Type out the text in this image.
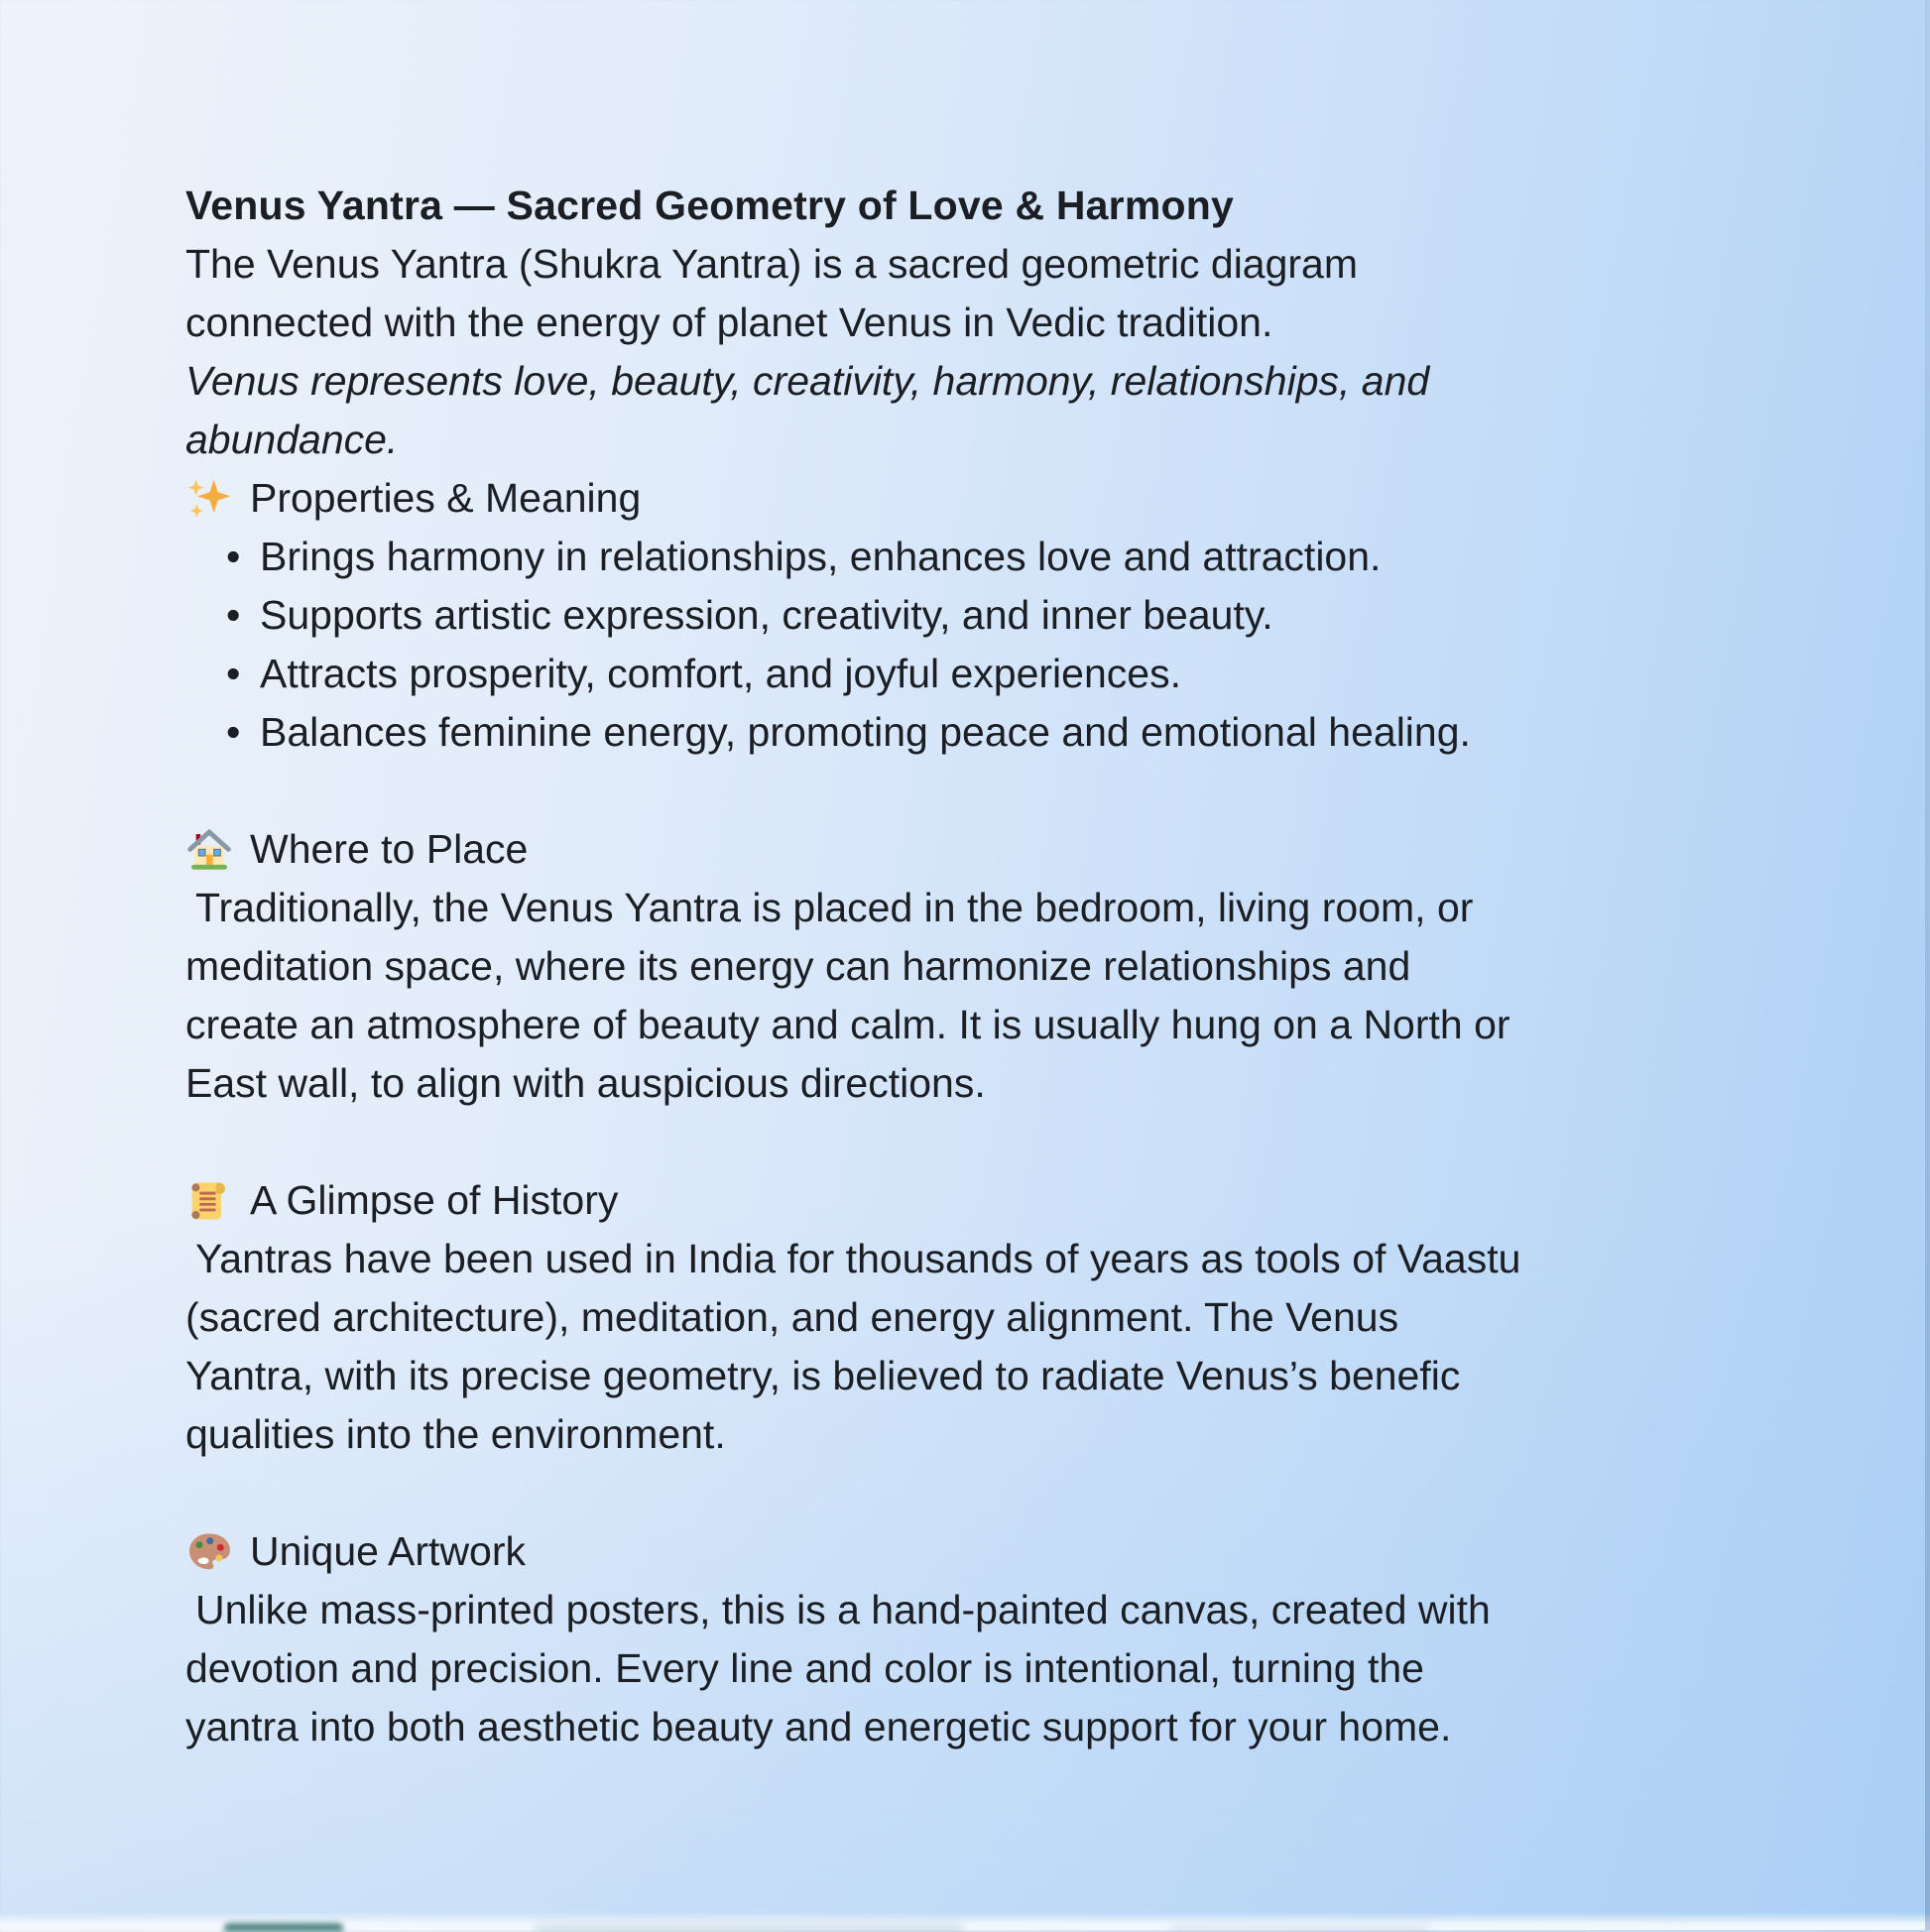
Venus Yantra — Sacred Geometry of Love & Harmony
The Venus Yantra (Shukra Yantra) is a sacred geometric diagram
connected with the energy of planet Venus in Vedic tradition.
Venus represents love, beauty, creativity, harmony, relationships, and
abundance.
Properties & Meaning
• Brings harmony in relationships, enhances love and attraction.
• Supports artistic expression, creativity, and inner beauty.
• Attracts prosperity, comfort, and joyful experiences.
• Balances feminine energy, promoting peace and emotional healing.
Where to Place
Traditionally, the Venus Yantra is placed in the bedroom, living room, or
meditation space, where its energy can harmonize relationships and
create an atmosphere of beauty and calm. It is usually hung on a North or
East wall, to align with auspicious directions.
A Glimpse of History
Yantras have been used in India for thousands of years as tools of Vaastu
(sacred architecture), meditation, and energy alignment. The Venus
Yantra, with its precise geometry, is believed to radiate Venus’s benefic
qualities into the environment.
Unique Artwork
Unlike mass-printed posters, this is a hand-painted canvas, created with
devotion and precision. Every line and color is intentional, turning the
yantra into both aesthetic beauty and energetic support for your home.
